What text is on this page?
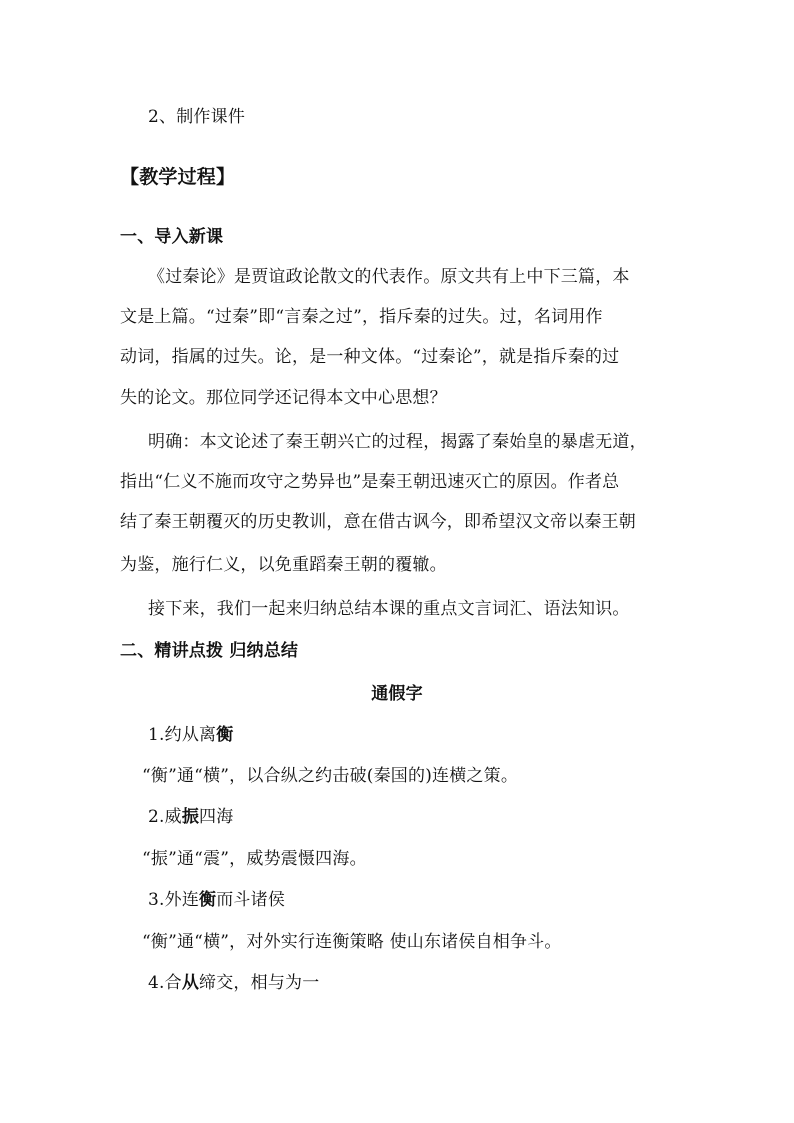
2、制作课件
【教学过程】
一、导入新课
《过秦论》是贾谊政论散文的代表作。原文共有上中下三篇，本
文是上篇。“过秦”即“言秦之过”，指斥秦的过失。过，名词用作
动词，指属的过失。论，是一种文体。“过秦论”，就是指斥秦的过
失的论文。那位同学还记得本文中心思想？
明确：本文论述了秦王朝兴亡的过程，揭露了秦始皇的暴虐无道，
指出“仁义不施而攻守之势异也”是秦王朝迅速灭亡的原因。作者总
结了秦王朝覆灭的历史教训，意在借古讽今，即希望汉文帝以秦王朝
为鉴，施行仁义，以免重蹈秦王朝的覆辙。
接下来，我们一起来归纳总结本课的重点文言词汇、语法知识。
二、精讲点拨 归纳总结
通假字
1.约从离衡
“衡”通“横”，以合纵之约击破(秦国的)连横之策。
2.威振四海
“振”通“震”，威势震慑四海。
3.外连衡而斗诸侯
“衡”通“横”，对外实行连衡策略 使山东诸侯自相争斗。
4.合从缔交，相与为一
